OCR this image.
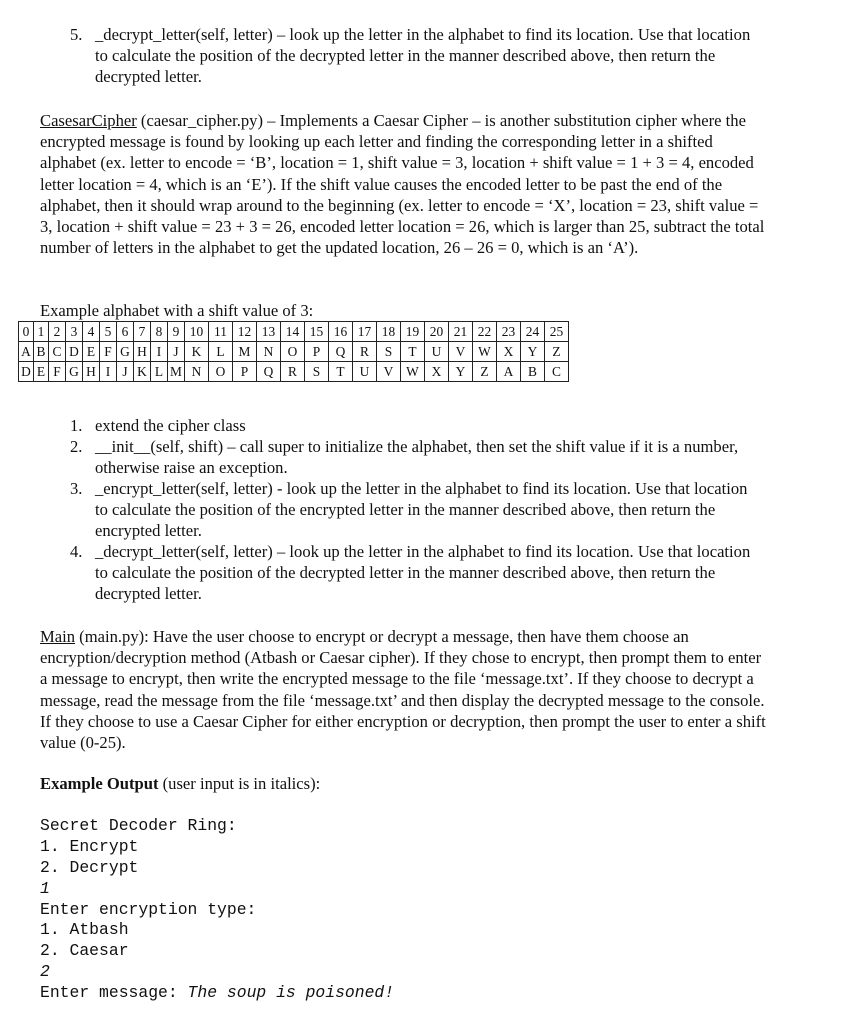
5. _decrypt_letter(self, letter) – look up the letter in the alphabet to find its location. Use that location to calculate the position of the decrypted letter in the manner described above, then return the decrypted letter.
CasesarCipher (caesar_cipher.py) – Implements a Caesar Cipher – is another substitution cipher where the encrypted message is found by looking up each letter and finding the corresponding letter in a shifted alphabet (ex. letter to encode = ‘B’, location = 1, shift value = 3, location + shift value = 1 + 3 = 4, encoded letter location = 4, which is an ‘E’). If the shift value causes the encoded letter to be past the end of the alphabet, then it should wrap around to the beginning (ex. letter to encode = ‘X’, location = 23, shift value = 3, location + shift value = 23 + 3 = 26, encoded letter location = 26, which is larger than 25, subtract the total number of letters in the alphabet to get the updated location, 26 – 26 = 0, which is an ‘A’).
Example alphabet with a shift value of 3:
0	1	2	3	4	5	6	7	8	9	10	11	12	13	14	15	16	17	18	19	20	21	22	23	24	25
A	B	C	D	E	F	G	H	I	J	K	L	M	N	O	P	Q	R	S	T	U	V	W	X	Y	Z
D	E	F	G	H	I	J	K	L	M	N	O	P	Q	R	S	T	U	V	W	X	Y	Z	A	B	C
1. extend the cipher class
2. __init__(self, shift) – call super to initialize the alphabet, then set the shift value if it is a number, otherwise raise an exception.
3. _encrypt_letter(self, letter) - look up the letter in the alphabet to find its location. Use that location to calculate the position of the encrypted letter in the manner described above, then return the encrypted letter.
4. _decrypt_letter(self, letter) – look up the letter in the alphabet to find its location. Use that location to calculate the position of the decrypted letter in the manner described above, then return the decrypted letter.
Main (main.py): Have the user choose to encrypt or decrypt a message, then have them choose an encryption/decryption method (Atbash or Caesar cipher). If they chose to encrypt, then prompt them to enter a message to encrypt, then write the encrypted message to the file ‘message.txt’. If they choose to decrypt a message, read the message from the file ‘message.txt’ and then display the decrypted message to the console. If they choose to use a Caesar Cipher for either encryption or decryption, then prompt the user to enter a shift value (0-25).
Example Output (user input is in italics):
Secret Decoder Ring:
1. Encrypt
2. Decrypt
1
Enter encryption type:
1. Atbash
2. Caesar
2
Enter message: The soup is poisoned!
